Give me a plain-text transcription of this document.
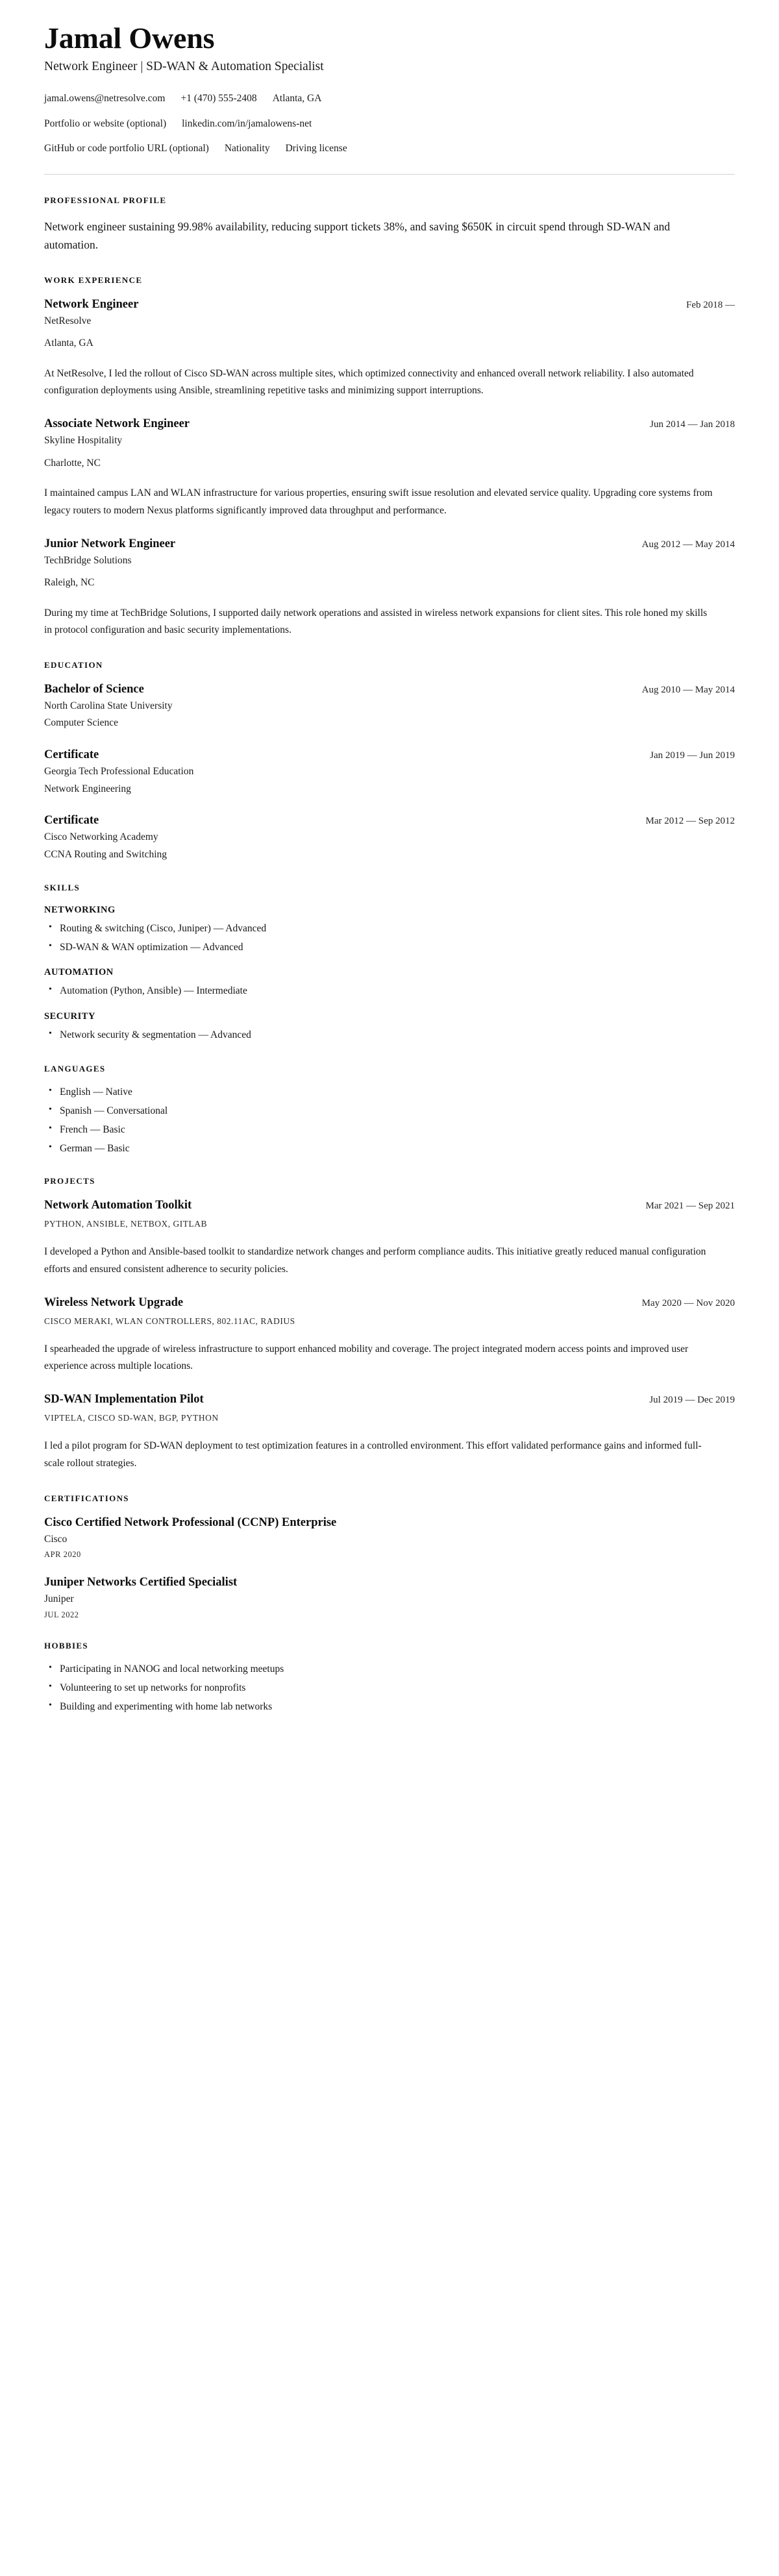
Jamal Owens
Network Engineer | SD-WAN & Automation Specialist
jamal.owens@netresolve.com +1 (470) 555-2408 Atlanta, GA
Portfolio or website (optional) linkedin.com/in/jamalowens-net
GitHub or code portfolio URL (optional) Nationality Driving license
PROFESSIONAL PROFILE

Network engineer sustaining 99.98% availability, reducing support tickets 38%, and saving $650K in circuit spend through SD-WAN and automation.

WORK EXPERIENCE
Network Engineer	Feb 2018 —
NetResolve
Atlanta, GA

At NetResolve, I led the rollout of Cisco SD-WAN across multiple sites, which optimized connectivity and enhanced overall network reliability. I also automated configuration deployments using Ansible, streamlining repetitive tasks and minimizing support interruptions.

Associate Network Engineer	Jun 2014 — Jan 2018
Skyline Hospitality
Charlotte, NC

I maintained campus LAN and WLAN infrastructure for various properties, ensuring swift issue resolution and elevated service quality. Upgrading core systems from legacy routers to modern Nexus platforms significantly improved data throughput and performance.

Junior Network Engineer	Aug 2012 — May 2014
TechBridge Solutions
Raleigh, NC

During my time at TechBridge Solutions, I supported daily network operations and assisted in wireless network expansions for client sites. This role honed my skills in protocol configuration and basic security implementations.

EDUCATION
Bachelor of Science	Aug 2010 — May 2014
North Carolina State University
Computer Science
Certificate	Jan 2019 — Jun 2019
Georgia Tech Professional Education
Network Engineering
Certificate	Mar 2012 — Sep 2012
Cisco Networking Academy
CCNA Routing and Switching
SKILLS
NETWORKING
• Routing & switching (Cisco, Juniper) — Advanced
• SD-WAN & WAN optimization — Advanced
AUTOMATION
• Automation (Python, Ansible) — Intermediate
SECURITY
• Network security & segmentation — Advanced
LANGUAGES
• English — Native
• Spanish — Conversational
• French — Basic
• German — Basic
PROJECTS
Network Automation Toolkit	Mar 2021 — Sep 2021
PYTHON, ANSIBLE, NETBOX, GITLAB

I developed a Python and Ansible-based toolkit to standardize network changes and perform compliance audits. This initiative greatly reduced manual configuration efforts and ensured consistent adherence to security policies.

Wireless Network Upgrade	May 2020 — Nov 2020
CISCO MERAKI, WLAN CONTROLLERS, 802.11AC, RADIUS

I spearheaded the upgrade of wireless infrastructure to support enhanced mobility and coverage. The project integrated modern access points and improved user experience across multiple locations.

SD-WAN Implementation Pilot	Jul 2019 — Dec 2019
VIPTELA, CISCO SD-WAN, BGP, PYTHON

I led a pilot program for SD-WAN deployment to test optimization features in a controlled environment. This effort validated performance gains and informed full-scale rollout strategies.

CERTIFICATIONS
Cisco Certified Network Professional (CCNP) Enterprise
Cisco
APR 2020
Juniper Networks Certified Specialist
Juniper
JUL 2022
HOBBIES
• Participating in NANOG and local networking meetups
• Volunteering to set up networks for nonprofits
• Building and experimenting with home lab networks
